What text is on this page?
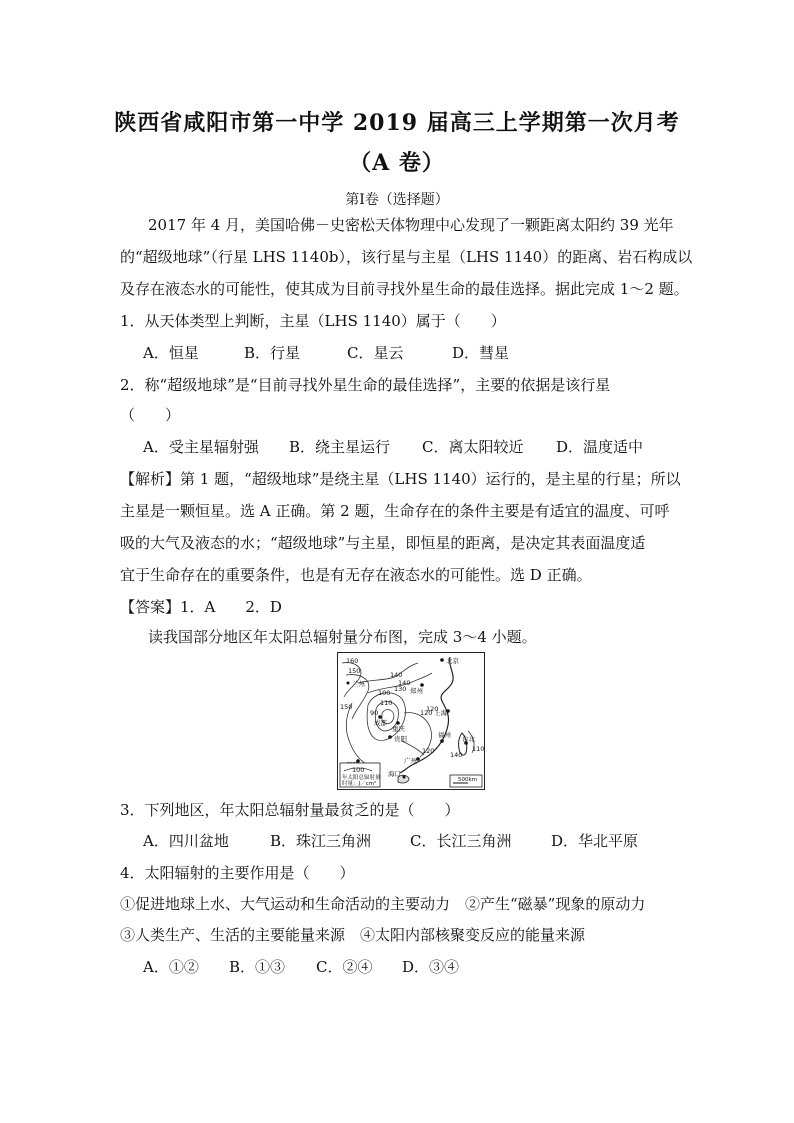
陕西省咸阳市第一中学 2019 届高三上学期第一次月考
（A 卷）
第Ⅰ卷（选择题）
2017 年 4 月，美国哈佛－史密松天体物理中心发现了一颗距离太阳约 39 光年
的“超级地球”（行星 LHS 1140b），该行星与主星（LHS 1140）的距离、岩石构成以
及存在液态水的可能性，使其成为目前寻找外星生命的最佳选择。据此完成 1～2 题。
1．从天体类型上判断，主星（LHS 1140）属于（　　）
A．恒星	B．行星	C．星云	D．彗星
2．称“超级地球”是“目前寻找外星生命的最佳选择”，主要的依据是该行星
（　　）
A．受主星辐射强 B．绕主星运行 C．离太阳较近 D．温度适中
【解析】第 1 题，“超级地球”是绕主星（LHS 1140）运行的，是主星的行星；所以
主星是一颗恒星。选 A 正确。第 2 题，生命存在的条件主要是有适宜的温度、可呼
吸的大气及液态的水；“超级地球”与主星，即恒星的距离，是决定其表面温度适
宜于生命存在的重要条件，也是有无存在液态水的可能性。选 D 正确。
【答案】1．A　　2．D
读我国部分地区年太阳总辐射量分布图，完成 3～4 小题。
160
150	140
130
120
110
100
90
150
140
120
120	110
140
北京
郑州
成都
重庆
贵阳
上海
福州 台北
广州
海口
兰州
100
年太阳总辐射量
时量：J／cm²
500km
3．下列地区，年太阳总辐射量最贫乏的是（　　）
A．四川盆地	B．珠江三角洲	C．长江三角洲	D．华北平原
4．太阳辐射的主要作用是（　　）
①促进地球上水、大气运动和生命活动的主要动力　②产生“磁暴”现象的原动力
③人类生产、生活的主要能量来源　④太阳内部核聚变反应的能量来源
A．①② B．①③ C．②④ D．③④
